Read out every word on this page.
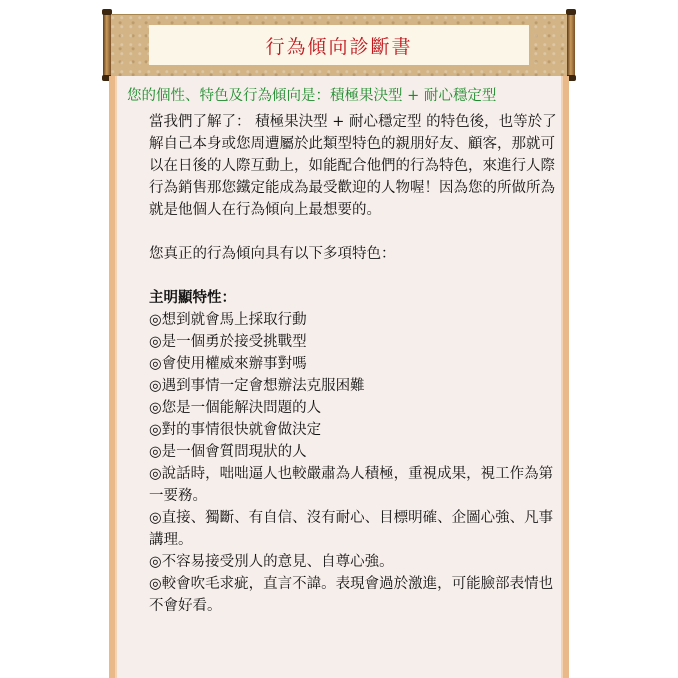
行為傾向診斷書

您的個性、特色及行為傾向是：積極果決型 + 耐心穩定型

當我們了解了： 積極果決型 + 耐心穩定型 的特色後，也等於了解自己本身或您周遭屬於此類型特色的親朋好友、顧客，那就可以在日後的人際互動上，如能配合他們的行為特色，來進行人際行為銷售那您鐵定能成為最受歡迎的人物喔！因為您的所做所為就是他個人在行為傾向上最想要的。

您真正的行為傾向具有以下多項特色：

主明顯特性：
◎想到就會馬上採取行動
◎是一個勇於接受挑戰型
◎會使用權威來辦事對嗎
◎遇到事情一定會想辦法克服困難
◎您是一個能解決問題的人
◎對的事情很快就會做決定
◎是一個會質問現狀的人
◎說話時，咄咄逼人也較嚴肅為人積極，重視成果，視工作為第一要務。
◎直接、獨斷、有自信、沒有耐心、目標明確、企圖心強、凡事講理。
◎不容易接受別人的意見、自尊心強。
◎較會吹毛求疵，直言不諱。表現會過於激進，可能臉部表情也不會好看。
